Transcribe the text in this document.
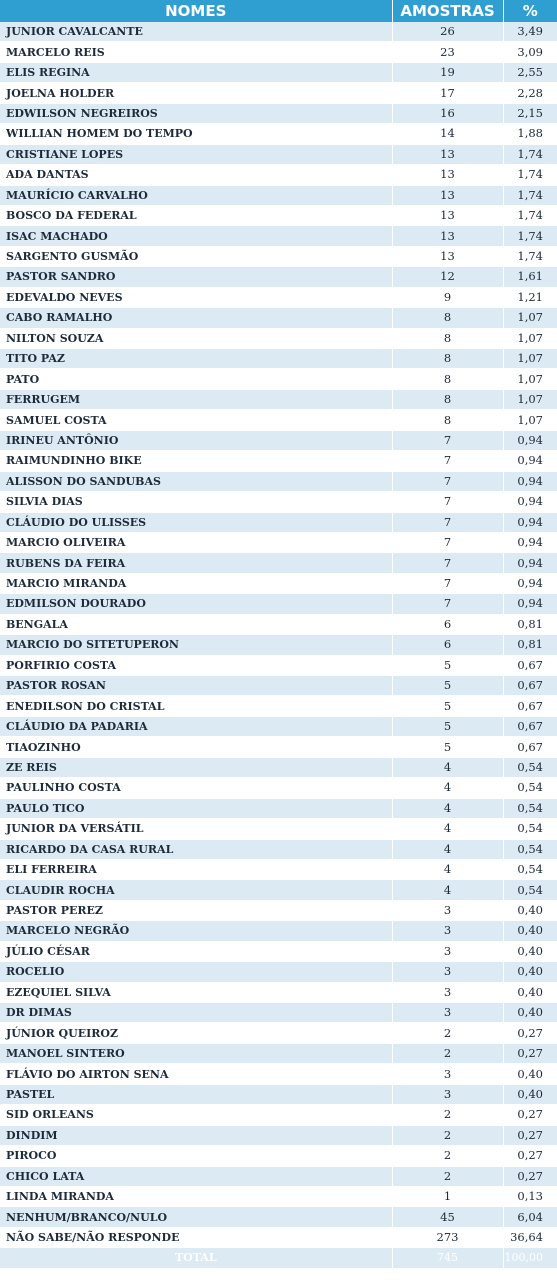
NOMES	AMOSTRAS	%
JUNIOR CAVALCANTE	26	3,49
MARCELO REIS	23	3,09
ELIS REGINA	19	2,55
JOELNA HOLDER	17	2,28
EDWILSON NEGREIROS	16	2,15
WILLIAN HOMEM DO TEMPO	14	1,88
CRISTIANE LOPES	13	1,74
ADA DANTAS	13	1,74
MAURÍCIO CARVALHO	13	1,74
BOSCO DA FEDERAL	13	1,74
ISAC MACHADO	13	1,74
SARGENTO GUSMÃO	13	1,74
PASTOR SANDRO	12	1,61
EDEVALDO NEVES	9	1,21
CABO RAMALHO	8	1,07
NILTON SOUZA	8	1,07
TITO PAZ	8	1,07
PATO	8	1,07
FERRUGEM	8	1,07
SAMUEL COSTA	8	1,07
IRINEU ANTÔNIO	7	0,94
RAIMUNDINHO BIKE	7	0,94
ALISSON DO SANDUBAS	7	0,94
SILVIA DIAS	7	0,94
CLÁUDIO DO ULISSES	7	0,94
MARCIO OLIVEIRA	7	0,94
RUBENS DA FEIRA	7	0,94
MARCIO MIRANDA	7	0,94
EDMILSON DOURADO	7	0,94
BENGALA	6	0,81
MARCIO DO SITETUPERON	6	0,81
PORFIRIO COSTA	5	0,67
PASTOR ROSAN	5	0,67
ENEDILSON DO CRISTAL	5	0,67
CLÁUDIO DA PADARIA	5	0,67
TIAOZINHO	5	0,67
ZE REIS	4	0,54
PAULINHO COSTA	4	0,54
PAULO TICO	4	0,54
JUNIOR DA VERSÁTIL	4	0,54
RICARDO DA CASA RURAL	4	0,54
ELI FERREIRA	4	0,54
CLAUDIR ROCHA	4	0,54
PASTOR PEREZ	3	0,40
MARCELO NEGRÃO	3	0,40
JÚLIO CÉSAR	3	0,40
ROCELIO	3	0,40
EZEQUIEL SILVA	3	0,40
DR DIMAS	3	0,40
JÚNIOR QUEIROZ	2	0,27
MANOEL SINTERO	2	0,27
FLÁVIO DO AIRTON SENA	3	0,40
PASTEL	3	0,40
SID ORLEANS	2	0,27
DINDIM	2	0,27
PIROCO	2	0,27
CHICO LATA	2	0,27
LINDA MIRANDA	1	0,13
NENHUM/BRANCO/NULO	45	6,04
NÃO SABE/NÃO RESPONDE	273	36,64
TOTAL	745	100,00
